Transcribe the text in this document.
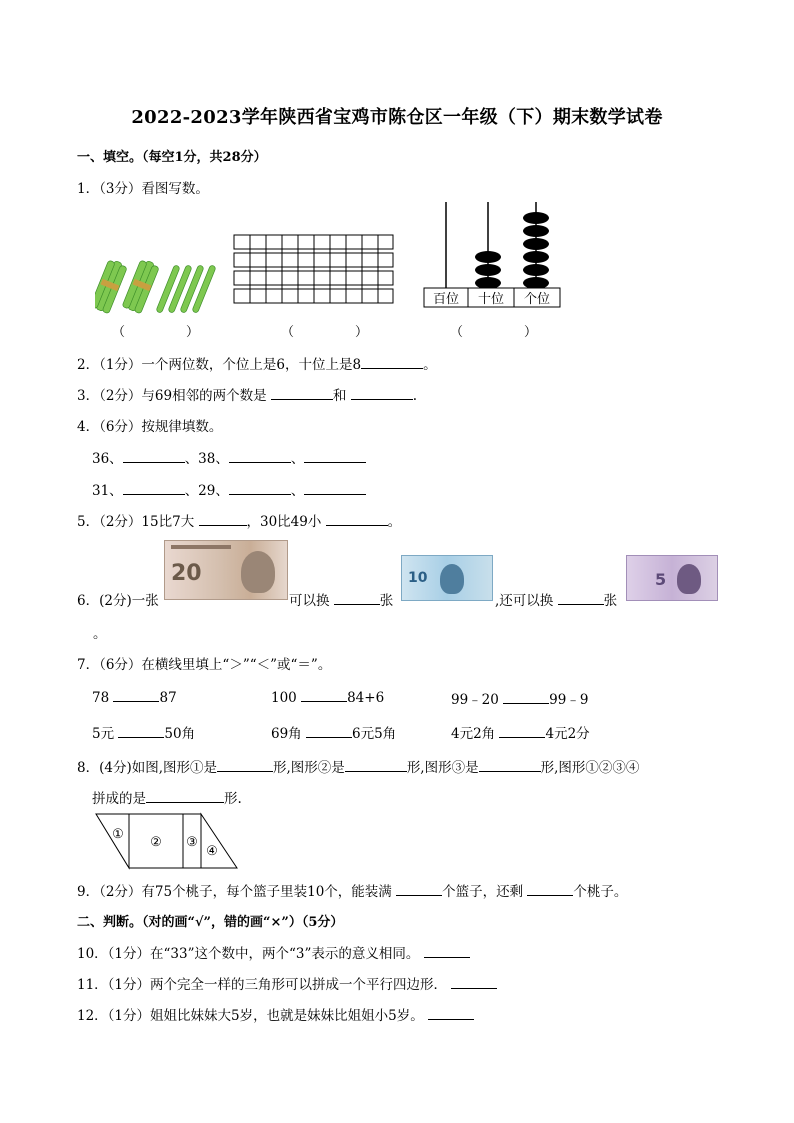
2022-2023学年陕西省宝鸡市陈仓区一年级（下）期末数学试卷
一、填空。（每空1分，共28分）
1．（3分）看图写数。
百位 十位 个位
（	）	（	）	（	）
2．（1分）一个两位数，个位上是6，十位上是8	。
3．（2分）与69相邻的两个数是	和	.
4．（6分）按规律填数。
36、	、38、	、
31、	、29、	、
5．（2分）15比7大	，30比49小	。
20	10	5
6．(2分)一张	可以换	张	,还可以换	张
。
7．（6分）在横线里填上“＞”“＜”或“＝”。
78	87	100	84+6	99﹣20	99﹣9
5元	50角	69角	6元5角	4元2角	4元2分
8．(4分)如图,图形①是	形,图形②是	形,图形③是	形,图形①②③④
拼成的是	形.
①
② ③
④
9．（2分）有75个桃子，每个篮子里装10个，能装满	个篮子，还剩	个桃子。
二、判断。（对的画“√”，错的画“×”）（5分）
10．（1分）在“33”这个数中，两个“3”表示的意义相同。
11．（1分）两个完全一样的三角形可以拼成一个平行四边形．
12．（1分）姐姐比妹妹大5岁，也就是妹妹比姐姐小5岁。
